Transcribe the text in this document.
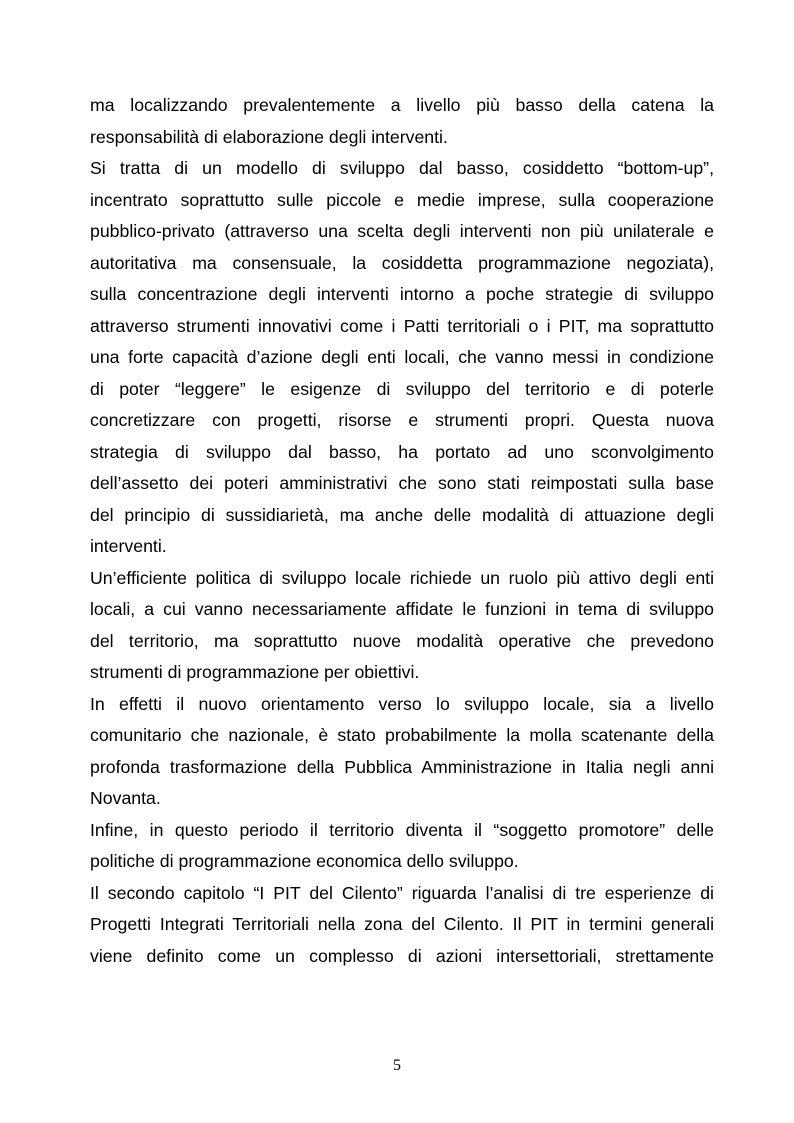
ma localizzando prevalentemente a livello più basso della catena la
responsabilità di elaborazione degli interventi.
Si tratta di un modello di sviluppo dal basso, cosiddetto “bottom-up”,
incentrato soprattutto sulle piccole e medie imprese, sulla cooperazione
pubblico-privato (attraverso una scelta degli interventi non più unilaterale e
autoritativa ma consensuale, la cosiddetta programmazione negoziata),
sulla concentrazione degli interventi intorno a poche strategie di sviluppo
attraverso strumenti innovativi come i Patti territoriali o i PIT, ma soprattutto
una forte capacità d’azione degli enti locali, che vanno messi in condizione
di poter “leggere” le esigenze di sviluppo del territorio e di poterle
concretizzare con progetti, risorse e strumenti propri. Questa nuova
strategia di sviluppo dal basso, ha portato ad uno sconvolgimento
dell’assetto dei poteri amministrativi che sono stati reimpostati sulla base
del principio di sussidiarietà, ma anche delle modalità di attuazione degli
interventi.
Un’efficiente politica di sviluppo locale richiede un ruolo più attivo degli enti
locali, a cui vanno necessariamente affidate le funzioni in tema di sviluppo
del territorio, ma soprattutto nuove modalità operative che prevedono
strumenti di programmazione per obiettivi.
In effetti il nuovo orientamento verso lo sviluppo locale, sia a livello
comunitario che nazionale, è stato probabilmente la molla scatenante della
profonda trasformazione della Pubblica Amministrazione in Italia negli anni
Novanta.
Infine, in questo periodo il territorio diventa il “soggetto promotore” delle
politiche di programmazione economica dello sviluppo.
Il secondo capitolo “I PIT del Cilento” riguarda l’analisi di tre esperienze di
Progetti Integrati Territoriali nella zona del Cilento. Il PIT in termini generali
viene definito come un complesso di azioni intersettoriali, strettamente
5
